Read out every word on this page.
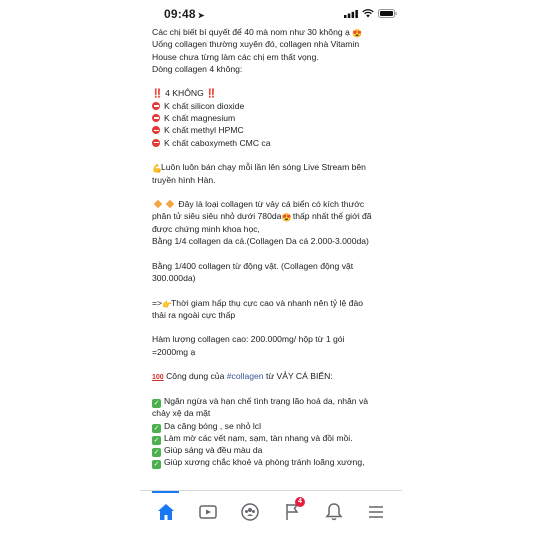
09:48 ➤
Các chị biết bí quyết để 40 mà nom như 30 không ạ 😍
Uống collagen thường xuyên đó, collagen nhà Vitamin
House chưa từng làm các chị em thất vọng.
Dòng collagen 4 không:
‼️ 4 KHÔNG ‼️
K chất silicon dioxide
K chất magnesium
K chất methyl HPMC
K chất caboxymeth CMC ca
💪Luôn luôn bán chạy mỗi lần lên sóng Live Stream bên
truyền hình Hàn.
Đây là loại collagen từ vảy cá biển có kích thước
phân tử siêu siêu nhỏ dưới 780da😍 thấp nhất thế giới đã
được chứng minh khoa học,
Bằng 1/4 collagen da cá.(Collagen Da cá 2.000-3.000da)
Bằng 1/400 collagen từ động vật. (Collagen động vật
300.000da)
=>👉Thời giam hấp thụ cực cao và nhanh nên tỷ lệ đào
thải ra ngoài cực thấp
Hàm lượng collagen cao: 200.000mg/ hộp từ 1 gói
=2000mg ạ
100 Công dụng của #collagen từ VẢY CÁ BIỂN:
✓ Ngăn ngừa và hạn chế tình trạng lão hoá da, nhăn và
chảy xệ da mặt
✓ Da căng bóng , se nhỏ lcl
✓ Làm mờ các vết nạm, sạm, tàn nhang và đồi mồi.
✓ Giúp sáng và đều màu da
✓ Giúp xương chắc khoẻ và phòng tránh loãng xương,
4
